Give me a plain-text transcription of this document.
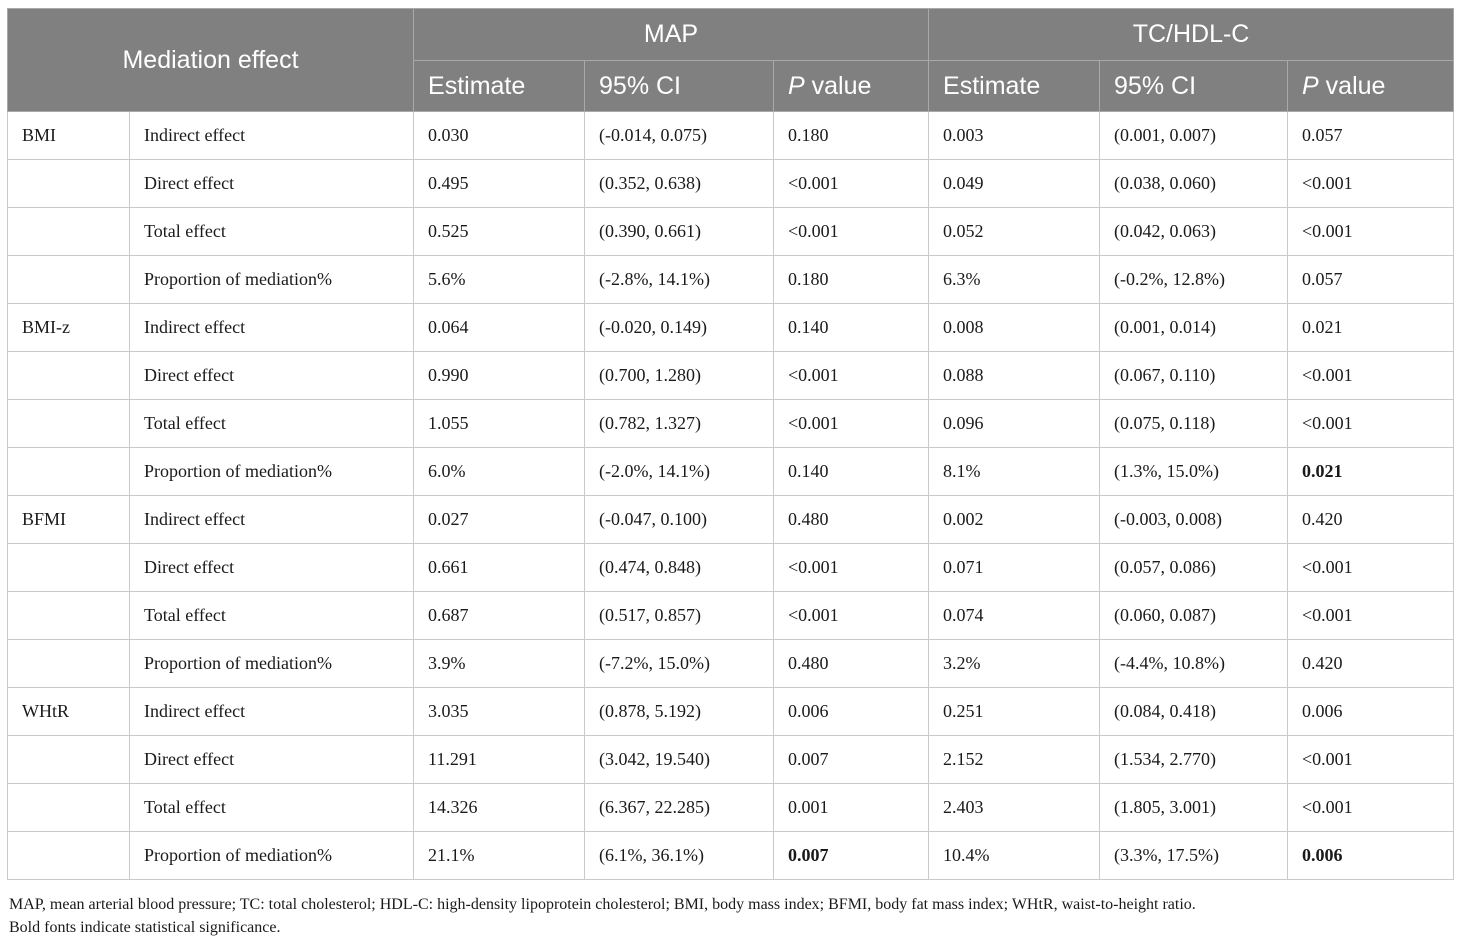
Mediation effect		MAP			TC/HDL-C		
		Estimate	95% CI	P value	Estimate	95% CI	P value
BMI	Indirect effect	0.030	(-0.014, 0.075)	0.180	0.003	(0.001, 0.007)	0.057
	Direct effect	0.495	(0.352, 0.638)	<0.001	0.049	(0.038, 0.060)	<0.001
	Total effect	0.525	(0.390, 0.661)	<0.001	0.052	(0.042, 0.063)	<0.001
	Proportion of mediation%	5.6%	(-2.8%, 14.1%)	0.180	6.3%	(-0.2%, 12.8%)	0.057
BMI-z	Indirect effect	0.064	(-0.020, 0.149)	0.140	0.008	(0.001, 0.014)	0.021
	Direct effect	0.990	(0.700, 1.280)	<0.001	0.088	(0.067, 0.110)	<0.001
	Total effect	1.055	(0.782, 1.327)	<0.001	0.096	(0.075, 0.118)	<0.001
	Proportion of mediation%	6.0%	(-2.0%, 14.1%)	0.140	8.1%	(1.3%, 15.0%)	0.021
BFMI	Indirect effect	0.027	(-0.047, 0.100)	0.480	0.002	(-0.003, 0.008)	0.420
	Direct effect	0.661	(0.474, 0.848)	<0.001	0.071	(0.057, 0.086)	<0.001
	Total effect	0.687	(0.517, 0.857)	<0.001	0.074	(0.060, 0.087)	<0.001
	Proportion of mediation%	3.9%	(-7.2%, 15.0%)	0.480	3.2%	(-4.4%, 10.8%)	0.420
WHtR	Indirect effect	3.035	(0.878, 5.192)	0.006	0.251	(0.084, 0.418)	0.006
	Direct effect	11.291	(3.042, 19.540)	0.007	2.152	(1.534, 2.770)	<0.001
	Total effect	14.326	(6.367, 22.285)	0.001	2.403	(1.805, 3.001)	<0.001
	Proportion of mediation%	21.1%	(6.1%, 36.1%)	0.007	10.4%	(3.3%, 17.5%)	0.006

MAP, mean arterial blood pressure; TC: total cholesterol; HDL-C: high-density lipoprotein cholesterol; BMI, body mass index; BFMI, body fat mass index; WHtR, waist-to-height ratio.

Bold fonts indicate statistical significance.
